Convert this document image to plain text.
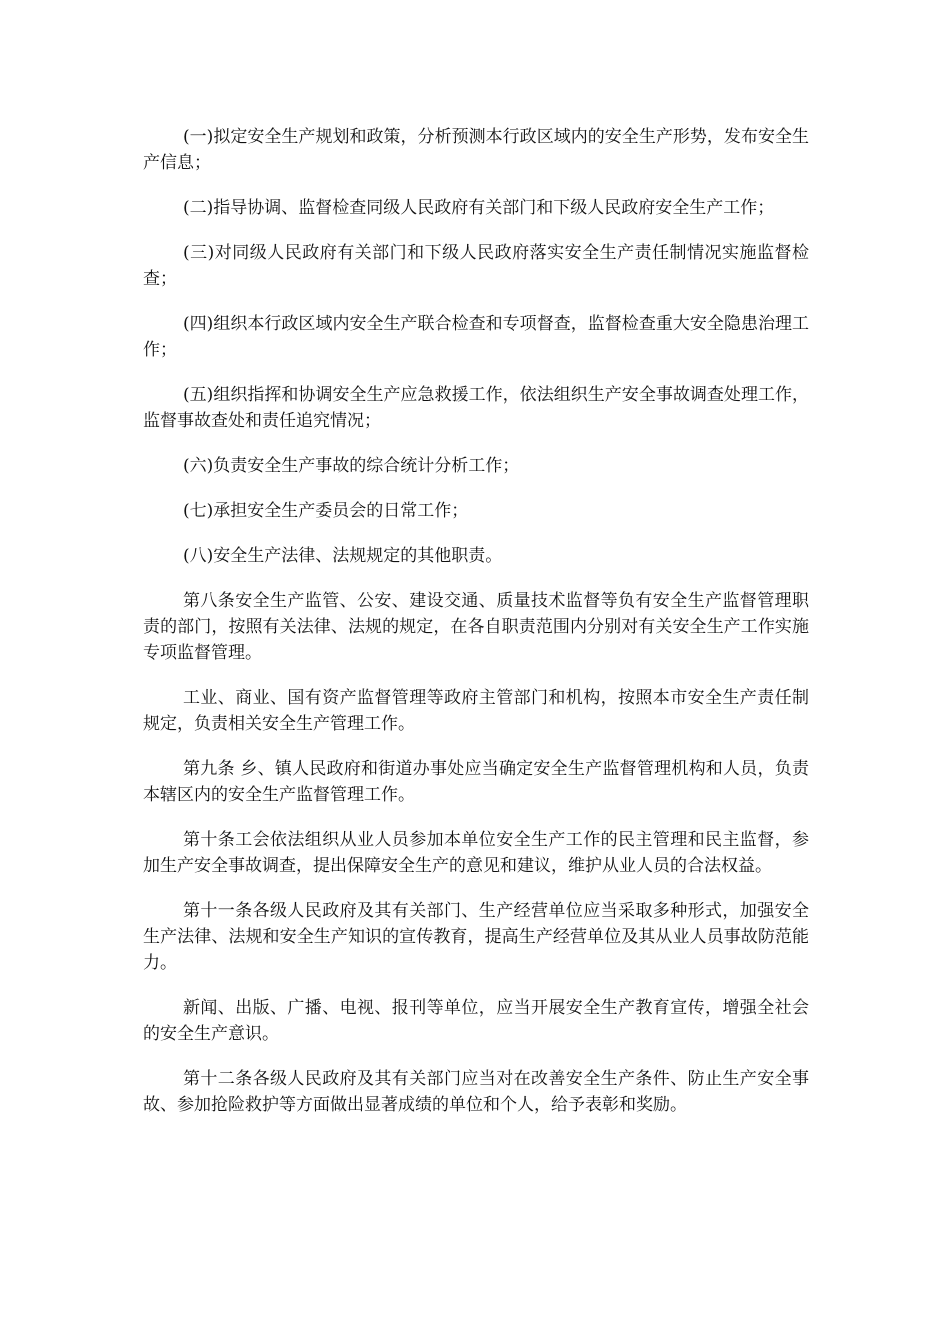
(一)拟定安全生产规划和政策，分析预测本行政区域内的安全生产形势，发布安全生产信息；

(二)指导协调、监督检查同级人民政府有关部门和下级人民政府安全生产工作；

(三)对同级人民政府有关部门和下级人民政府落实安全生产责任制情况实施监督检查；

(四)组织本行政区域内安全生产联合检查和专项督查，监督检查重大安全隐患治理工作；

(五)组织指挥和协调安全生产应急救援工作，依法组织生产安全事故调查处理工作，监督事故查处和责任追究情况；

(六)负责安全生产事故的综合统计分析工作；

(七)承担安全生产委员会的日常工作；

(八)安全生产法律、法规规定的其他职责。

第八条安全生产监管、公安、建设交通、质量技术监督等负有安全生产监督管理职责的部门，按照有关法律、法规的规定，在各自职责范围内分别对有关安全生产工作实施专项监督管理。

工业、商业、国有资产监督管理等政府主管部门和机构，按照本市安全生产责任制规定，负责相关安全生产管理工作。

第九条 乡、镇人民政府和街道办事处应当确定安全生产监督管理机构和人员，负责本辖区内的安全生产监督管理工作。

第十条工会依法组织从业人员参加本单位安全生产工作的民主管理和民主监督，参加生产安全事故调查，提出保障安全生产的意见和建议，维护从业人员的合法权益。

第十一条各级人民政府及其有关部门、生产经营单位应当采取多种形式，加强安全生产法律、法规和安全生产知识的宣传教育，提高生产经营单位及其从业人员事故防范能力。

新闻、出版、广播、电视、报刊等单位，应当开展安全生产教育宣传，增强全社会的安全生产意识。

第十二条各级人民政府及其有关部门应当对在改善安全生产条件、防止生产安全事故、参加抢险救护等方面做出显著成绩的单位和个人，给予表彰和奖励。
